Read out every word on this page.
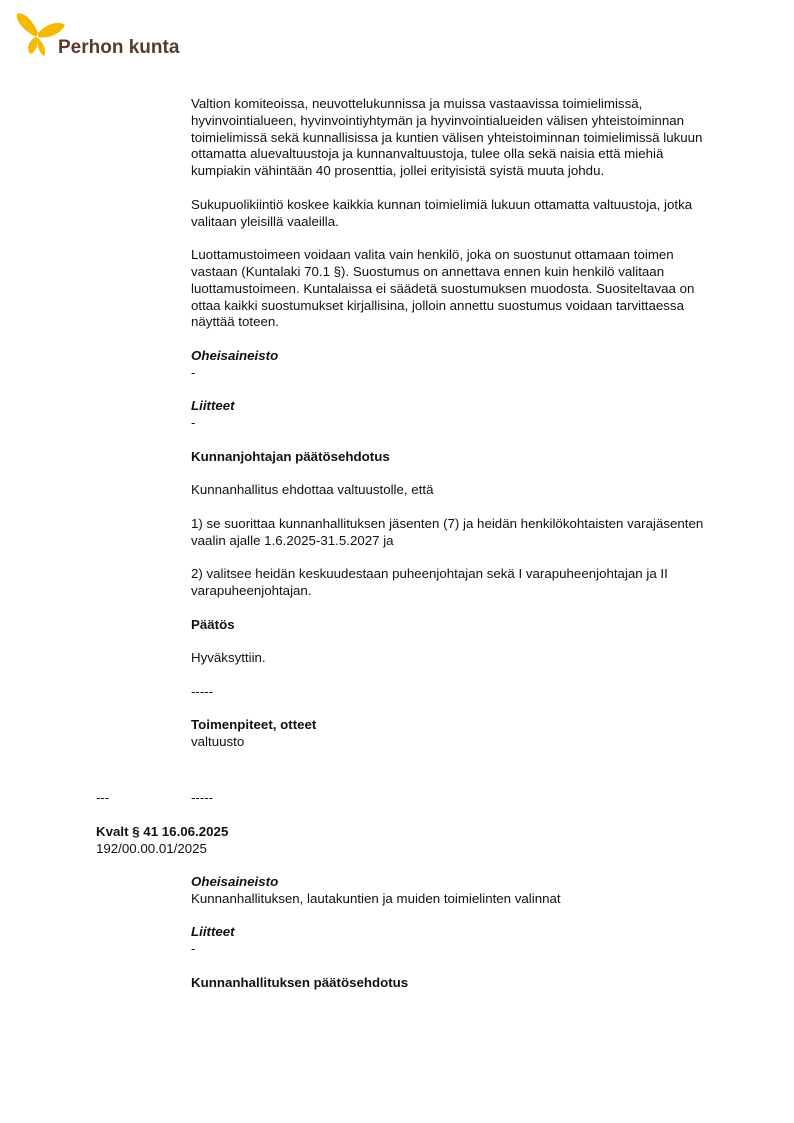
Perhon kunta

Valtion komiteoissa, neuvottelukunnissa ja muissa vastaavissa toimielimissä, hyvinvointialueen, hyvinvointiyhtymän ja hyvinvointialueiden välisen yhteistoiminnan toimielimissä sekä kunnallisissa ja kuntien välisen yhteistoiminnan toimielimissä lukuun ottamatta aluevaltuustoja ja kunnanvaltuustoja, tulee olla sekä naisia että miehiä kumpiakin vähintään 40 prosenttia, jollei erityisistä syistä muuta johdu.

Sukupuolikiintiö koskee kaikkia kunnan toimielimiä lukuun ottamatta valtuustoja, jotka valitaan yleisillä vaaleilla.

Luottamustoimeen voidaan valita vain henkilö, joka on suostunut ottamaan toimen vastaan (Kuntalaki 70.1 §). Suostumus on annettava ennen kuin henkilö valitaan luottamustoimeen. Kuntalaissa ei säädetä suostumuksen muodosta. Suositeltavaa on ottaa kaikki suostumukset kirjallisina, jolloin annettu suostumus voidaan tarvittaessa näyttää toteen.

Oheisaineisto

-

Liitteet

-

Kunnanjohtajan päätösehdotus

Kunnanhallitus ehdottaa valtuustolle, että

1) se suorittaa kunnanhallituksen jäsenten (7) ja heidän henkilökohtaisten varajäsenten vaalin ajalle 1.6.2025-31.5.2027 ja

2) valitsee heidän keskuudestaan puheenjohtajan sekä I varapuheenjohtajan ja II varapuheenjohtajan.

Päätös

Hyväksyttiin.

-----

Toimenpiteet, otteet

valtuusto

---	-----
Kvalt § 41 16.06.2025
192/00.00.01/2025

Oheisaineisto

Kunnanhallituksen, lautakuntien ja muiden toimielinten valinnat

Liitteet

-

Kunnanhallituksen päätösehdotus
